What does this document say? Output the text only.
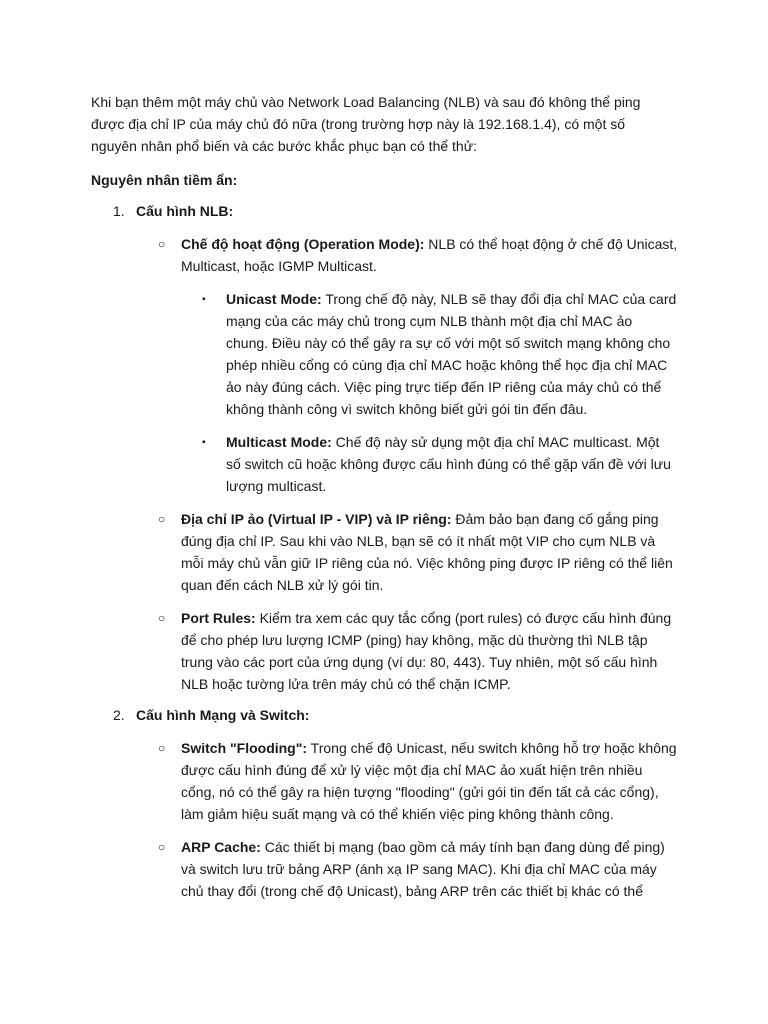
Khi bạn thêm một máy chủ vào Network Load Balancing (NLB) và sau đó không thể ping được địa chỉ IP của máy chủ đó nữa (trong trường hợp này là 192.168.1.4), có một số nguyên nhân phổ biến và các bước khắc phục bạn có thể thử:

Nguyên nhân tiềm ẩn:

1. Cấu hình NLB:
○ Chế độ hoạt động (Operation Mode): NLB có thể hoạt động ở chế độ Unicast, Multicast, hoặc IGMP Multicast.
▪ Unicast Mode: Trong chế độ này, NLB sẽ thay đổi địa chỉ MAC của card mạng của các máy chủ trong cụm NLB thành một địa chỉ MAC ảo chung. Điều này có thể gây ra sự cố với một số switch mạng không cho phép nhiều cổng có cùng địa chỉ MAC hoặc không thể học địa chỉ MAC ảo này đúng cách. Việc ping trực tiếp đến IP riêng của máy chủ có thể không thành công vì switch không biết gửi gói tin đến đâu.
▪ Multicast Mode: Chế độ này sử dụng một địa chỉ MAC multicast. Một số switch cũ hoặc không được cấu hình đúng có thể gặp vấn đề với lưu lượng multicast.
○ Địa chỉ IP ảo (Virtual IP - VIP) và IP riêng: Đảm bảo bạn đang cố gắng ping đúng địa chỉ IP. Sau khi vào NLB, bạn sẽ có ít nhất một VIP cho cụm NLB và mỗi máy chủ vẫn giữ IP riêng của nó. Việc không ping được IP riêng có thể liên quan đến cách NLB xử lý gói tin.
○ Port Rules: Kiểm tra xem các quy tắc cổng (port rules) có được cấu hình đúng để cho phép lưu lượng ICMP (ping) hay không, mặc dù thường thì NLB tập trung vào các port của ứng dụng (ví dụ: 80, 443). Tuy nhiên, một số cấu hình NLB hoặc tường lửa trên máy chủ có thể chặn ICMP.
2. Cấu hình Mạng và Switch:
○ Switch "Flooding": Trong chế độ Unicast, nếu switch không hỗ trợ hoặc không được cấu hình đúng để xử lý việc một địa chỉ MAC ảo xuất hiện trên nhiều cổng, nó có thể gây ra hiện tượng "flooding" (gửi gói tin đến tất cả các cổng), làm giảm hiệu suất mạng và có thể khiến việc ping không thành công.
○ ARP Cache: Các thiết bị mạng (bao gồm cả máy tính bạn đang dùng để ping) và switch lưu trữ bảng ARP (ánh xạ IP sang MAC). Khi địa chỉ MAC của máy chủ thay đổi (trong chế độ Unicast), bảng ARP trên các thiết bị khác có thể
